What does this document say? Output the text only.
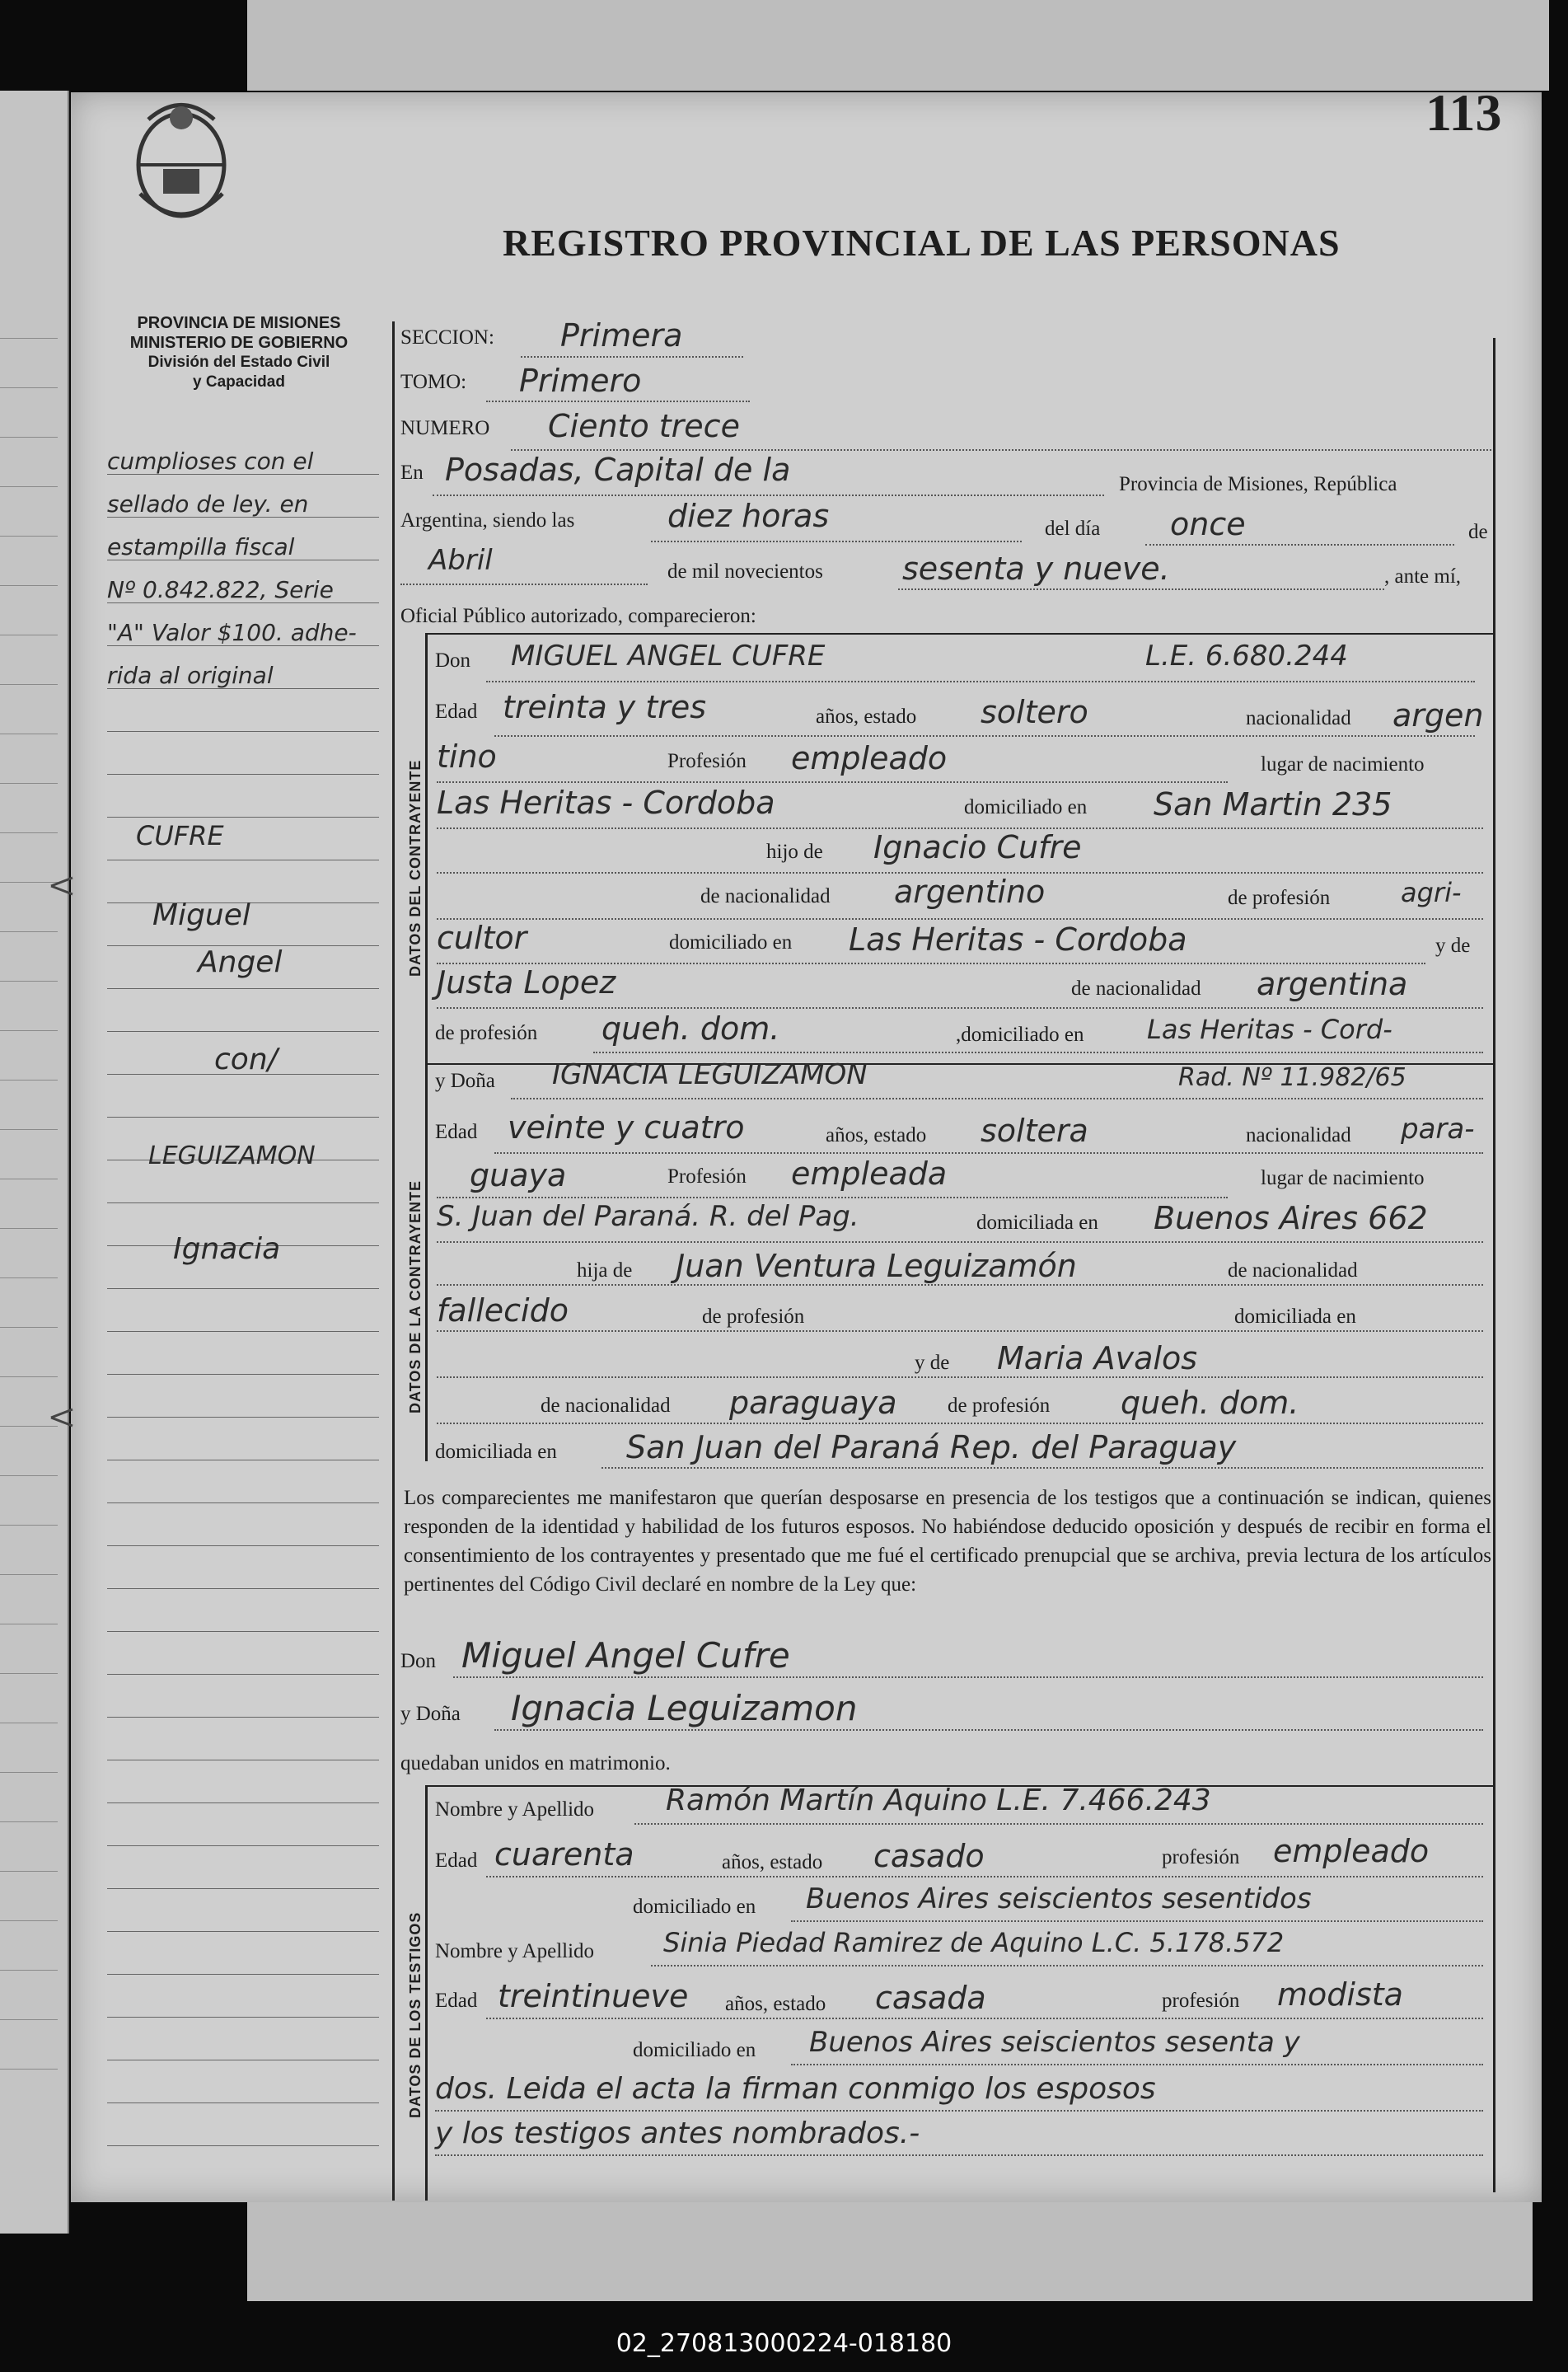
113
REGISTRO PROVINCIAL DE LAS PERSONAS
PROVINCIA DE MISIONES
MINISTERIO DE GOBIERNO
División del Estado Civil
y Capacidad
cumplioses con el
sellado de ley. en
estampilla fiscal
Nº 0.842.822, Serie
"A" Valor $100. adhe-
rida al original
CUFRE
Miguel
Angel
con/
LEGUIZAMON
Ignacia
SECCION: Primera
TOMO: Primero
NUMERO Ciento trece
En Posadas, Capital de la	Provincia de Misiones, República
Argentina, siendo las	diez horas	del día once	de
Abril	de mil novecientos	sesenta y nueve.	, ante mí,
Oficial Público autorizado, comparecieron:
DATOS DEL CONTRAYENTE
Don MIGUEL ANGEL CUFRE	L.E. 6.680.244
Edad treinta y tres	años, estado soltero	nacionalidad argen
tino	Profesión empleado	lugar de nacimiento
Las Heritas - Cordoba	domiciliado en San Martin 235
hijo de Ignacio Cufre
de nacionalidad argentino	de profesión	agri-
cultor	domiciliado en Las Heritas - Cordoba	y de
Justa Lopez	de nacionalidad argentina
de profesión queh. dom.	,domiciliado en Las Heritas - Cord-
DATOS DE LA CONTRAYENTE
y Doña IGNACIA LEGUIZAMON	Rad. Nº 11.982/65
Edad veinte y cuatro	años, estado soltera	nacionalidad para-
guaya	Profesión empleada	lugar de nacimiento
S. Juan del Paraná. R. del Pag.	domiciliada en Buenos Aires 662
hija de Juan Ventura Leguizamón	de nacionalidad
fallecido	de profesión	domiciliada en
y de Maria Avalos
de nacionalidad paraguaya de profesión queh. dom.
domiciliada en San Juan del Paraná Rep. del Paraguay
Los comparecientes me manifestaron que querían desposarse en presencia de los testigos que a continuación se indican, quienes responden de la identidad y habilidad de los futuros esposos. No habiéndose deducido oposición y después de recibir en forma el consentimiento de los contrayentes y presentado que me fué el certificado prenupcial que se archiva, previa lectura de los artículos pertinentes del Código Civil declaré en nombre de la Ley que:
Don Miguel Angel Cufre
y Doña Ignacia Leguizamon
quedaban unidos en matrimonio.
DATOS DE LOS TESTIGOS
Nombre y Apellido Ramón Martín Aquino L.E. 7.466.243
Edad cuarenta	años, estado casado	profesión empleado
domiciliado en Buenos Aires seiscientos sesentidos
Nombre y Apellido	Sinia Piedad Ramirez de Aquino L.C. 5.178.572
Edad treintinueve años, estado casada	profesión modista
domiciliado en Buenos Aires seiscientos sesenta y
dos. Leida el acta la firman conmigo los esposos
y los testigos antes nombrados.-
02_270813000224-018180
